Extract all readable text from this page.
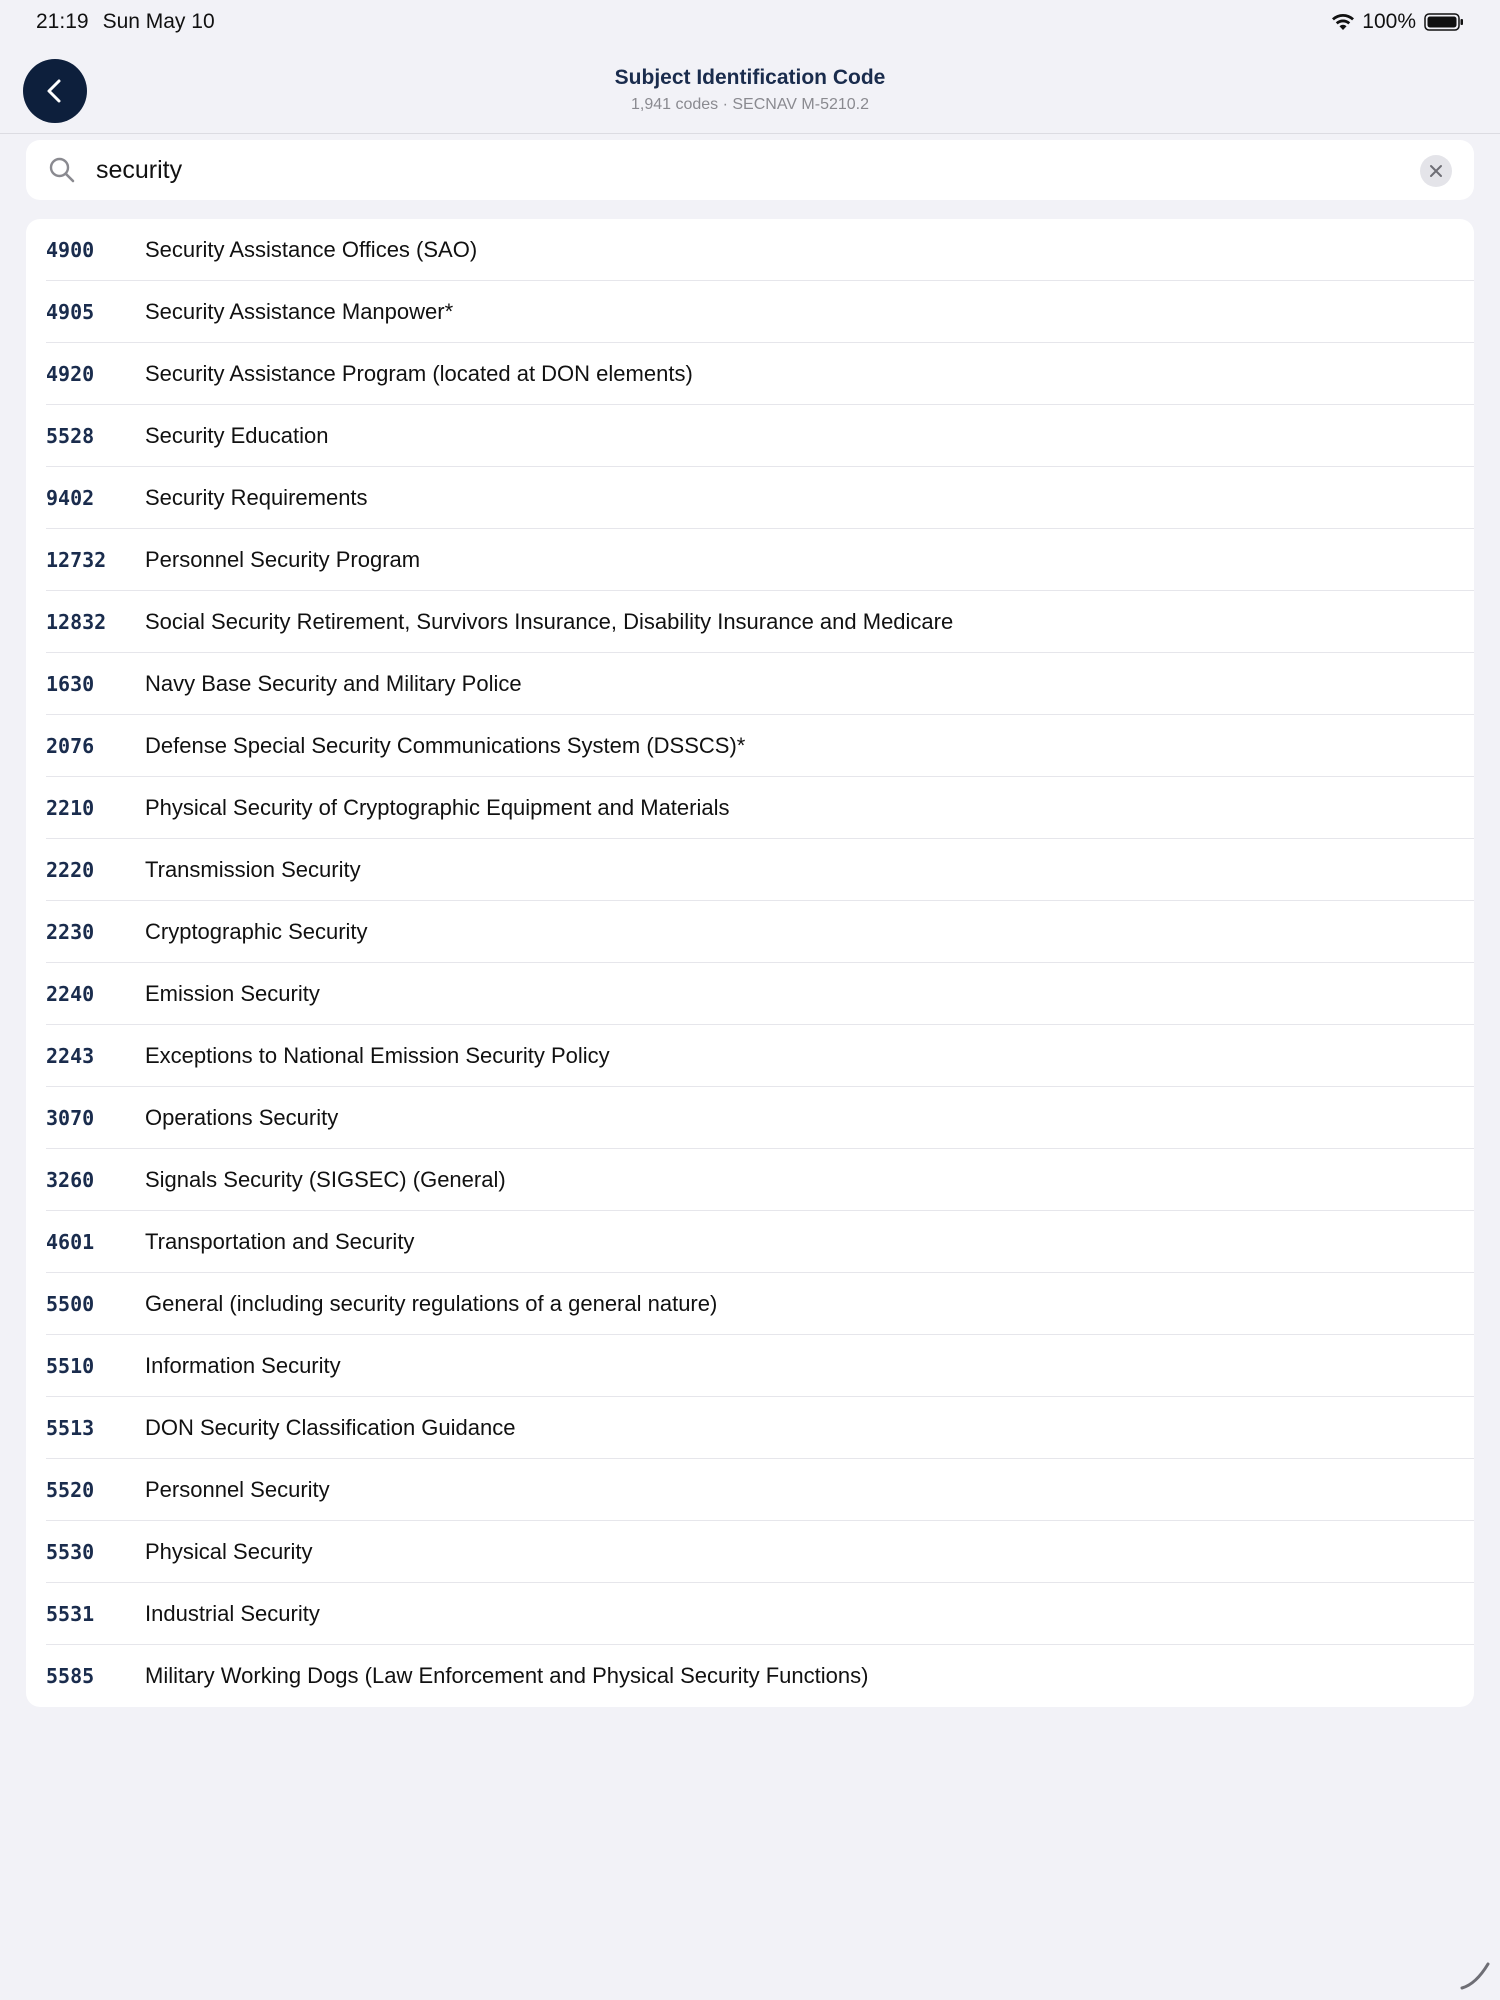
21:19 Sun May 10	100%
Subject Identification Code
1,941 codes · SECNAV M-5210.2
security
4900	Security Assistance Offices (SAO)
4905	Security Assistance Manpower*
4920	Security Assistance Program (located at DON elements)
5528	Security Education
9402	Security Requirements
12732	Personnel Security Program
12832	Social Security Retirement, Survivors Insurance, Disability Insurance and Medicare
1630	Navy Base Security and Military Police
2076	Defense Special Security Communications System (DSSCS)*
2210	Physical Security of Cryptographic Equipment and Materials
2220	Transmission Security
2230	Cryptographic Security
2240	Emission Security
2243	Exceptions to National Emission Security Policy
3070	Operations Security
3260	Signals Security (SIGSEC) (General)
4601	Transportation and Security
5500	General (including security regulations of a general nature)
5510	Information Security
5513	DON Security Classification Guidance
5520	Personnel Security
5530	Physical Security
5531	Industrial Security
5585	Military Working Dogs (Law Enforcement and Physical Security Functions)
